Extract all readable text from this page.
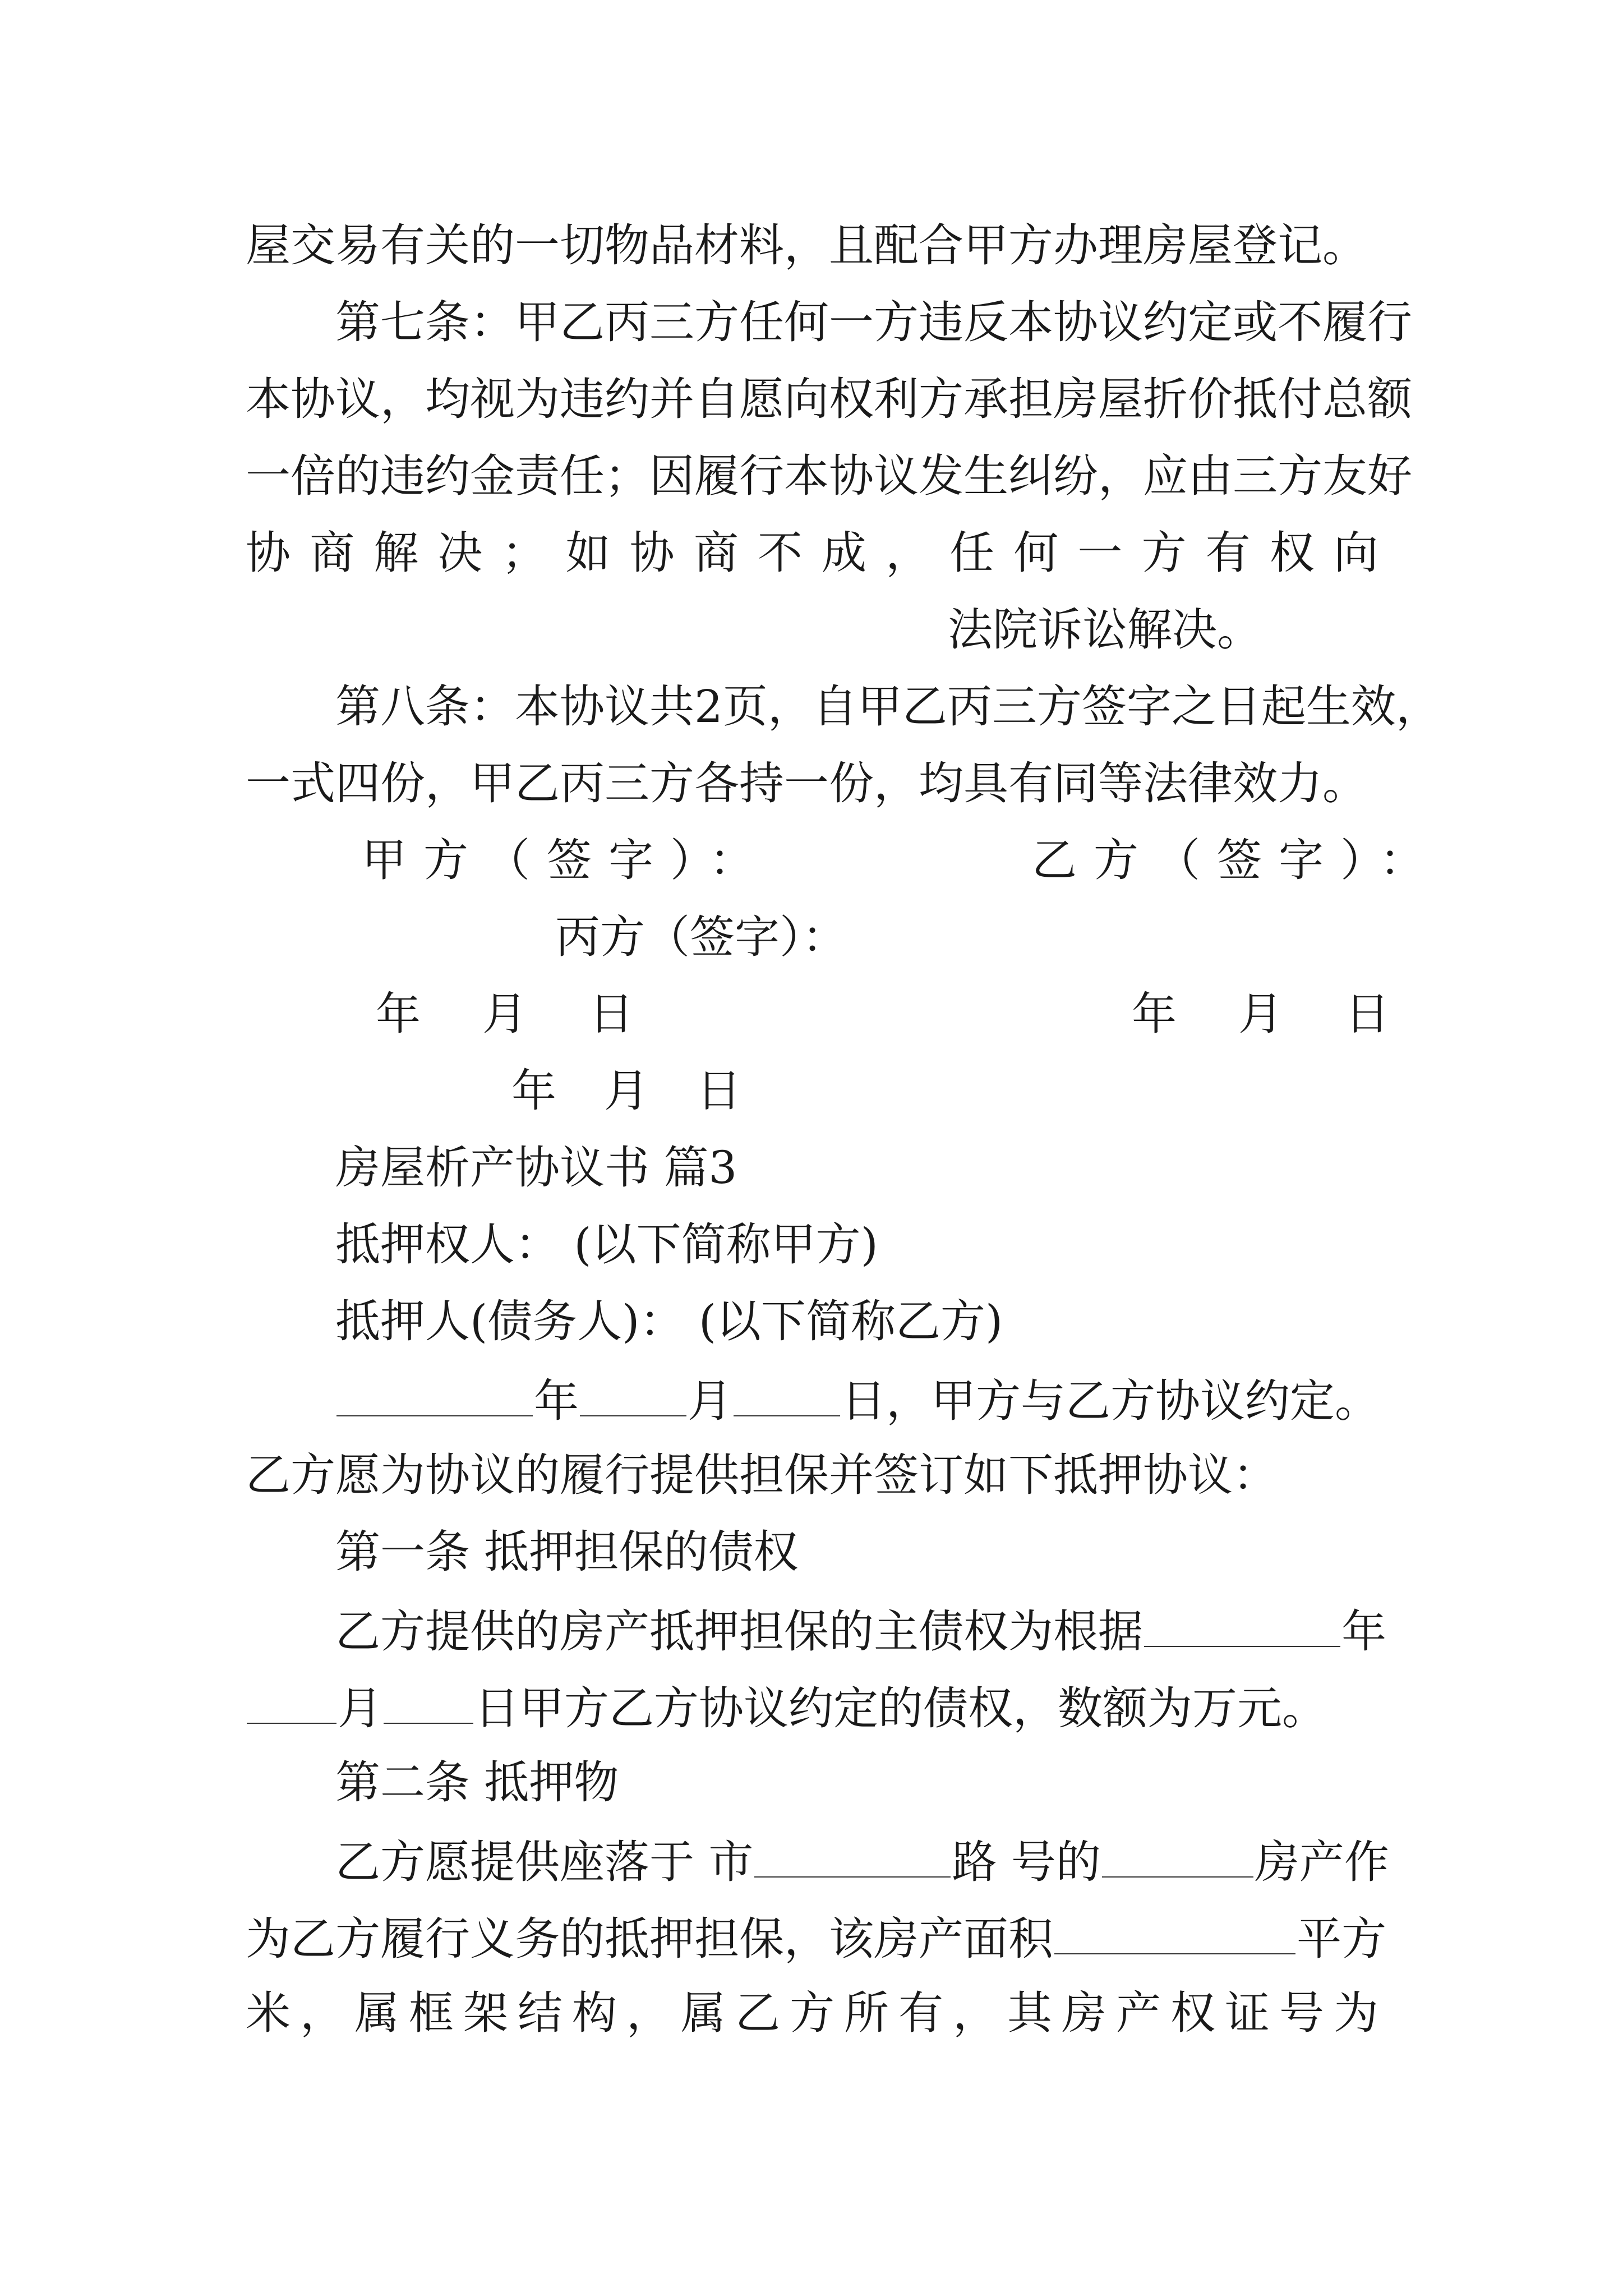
屋交易有关的一切物品材料，且配合甲方办理房屋登记。
第七条：甲乙丙三方任何一方违反本协议约定或不履行
本协议，均视为违约并自愿向权利方承担房屋折价抵付总额
一倍的违约金责任；因履行本协议发生纠纷，应由三方友好
协 商 解 决 ； 如 协 商 不 成 ， 任 何 一 方 有 权 向
法院诉讼解决。
第八条：本协议共2页，自甲乙丙三方签字之日起生效，
一式四份，甲乙丙三方各持一份，均具有同等法律效力。
甲方（签字）：	乙方（签字）：
丙方（签字）：
年 月 日	年 月 日
年 月 日
房屋析产协议书 篇3
抵押权人： (以下简称甲方)
抵押人(债务人)： (以下简称乙方)
年 月 日，甲方与乙方协议约定。
乙方愿为协议的履行提供担保并签订如下抵押协议：
第一条 抵押担保的债权
乙方提供的房产抵押担保的主债权为根据	年
月 日甲方乙方协议约定的债权，数额为万元。
第二条 抵押物
乙方愿提供座落于 市	路 号的	房产作
为乙方履行义务的抵押担保，该房产面积	平方
米 ， 属 框 架 结 构 ， 属 乙 方 所 有 ， 其 房 产 权 证 号 为
